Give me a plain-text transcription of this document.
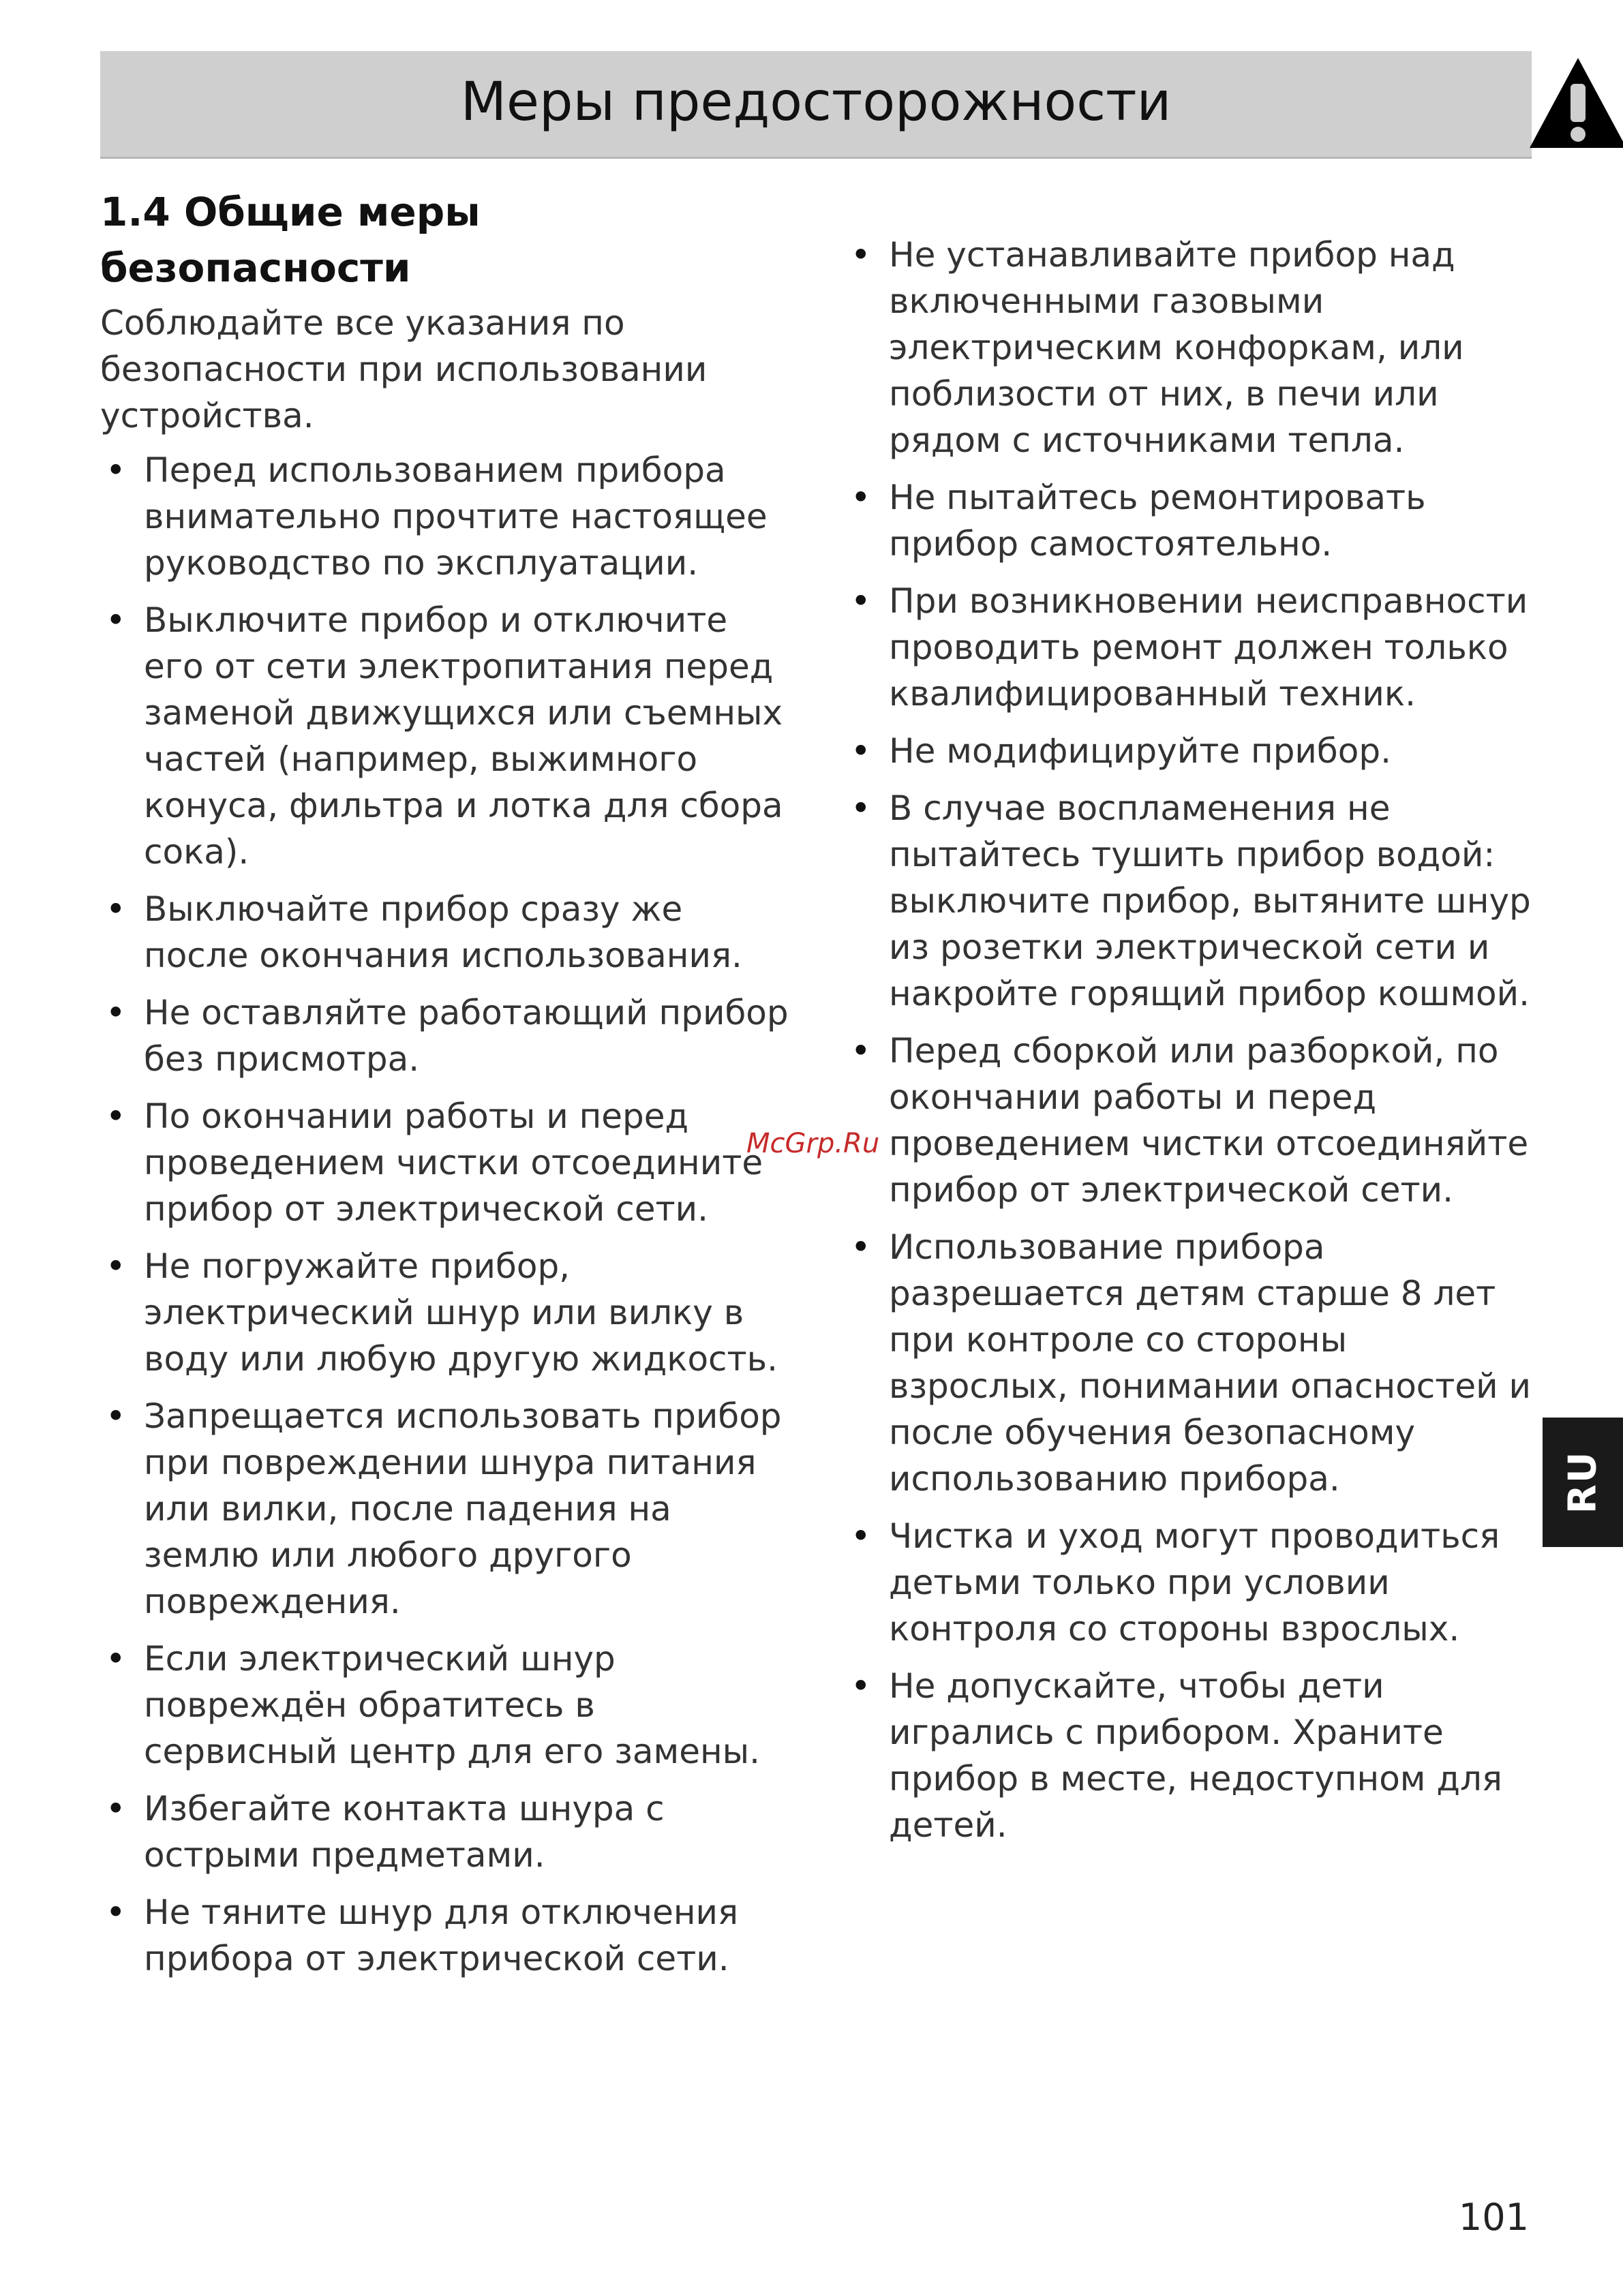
Меры предосторожности
1.4 Общие меры безопасности

Соблюдайте все указания по безопасности при использовании устройства.

• Перед использованием прибора внимательно прочтите настоящее руководство по эксплуатации.
• Выключите прибор и отключите его от сети электропитания перед заменой движущихся или съемных частей (например, выжимного конуса, фильтра и лотка для сбора сока).
• Выключайте прибор сразу же после окончания использования.
• Не оставляйте работающий прибор без присмотра.
• По окончании работы и перед проведением чистки отсоедините прибор от электрической сети.
• Не погружайте прибор, электрический шнур или вилку в воду или любую другую жидкость.
• Запрещается использовать прибор при повреждении шнура питания или вилки, после падения на землю или любого другого повреждения.
• Если электрический шнур повреждён обратитесь в сервисный центр для его замены.
• Избегайте контакта шнура с острыми предметами.
• Не тяните шнур для отключения прибора от электрической сети.
• Не устанавливайте прибор над включенными газовыми электрическим конфоркам, или поблизости от них, в печи или рядом с источниками тепла.
• Не пытайтесь ремонтировать прибор самостоятельно.
• При возникновении неисправности проводить ремонт должен только квалифицированный техник.
• Не модифицируйте прибор.
• В случае воспламенения не пытайтесь тушить прибор водой: выключите прибор, вытяните шнур из розетки электрической сети и накройте горящий прибор кошмой.
• Перед сборкой или разборкой, по окончании работы и перед проведением чистки отсоединяйте прибор от электрической сети.
• Использование прибора разрешается детям старше 8 лет при контроле со стороны взрослых, понимании опасностей и после обучения безопасному использованию прибора.
• Чистка и уход могут проводиться детьми только при условии контроля со стороны взрослых.
• Не допускайте, чтобы дети игрались с прибором. Храните прибор в месте, недоступном для детей.
McGrp.Ru
RU
101
